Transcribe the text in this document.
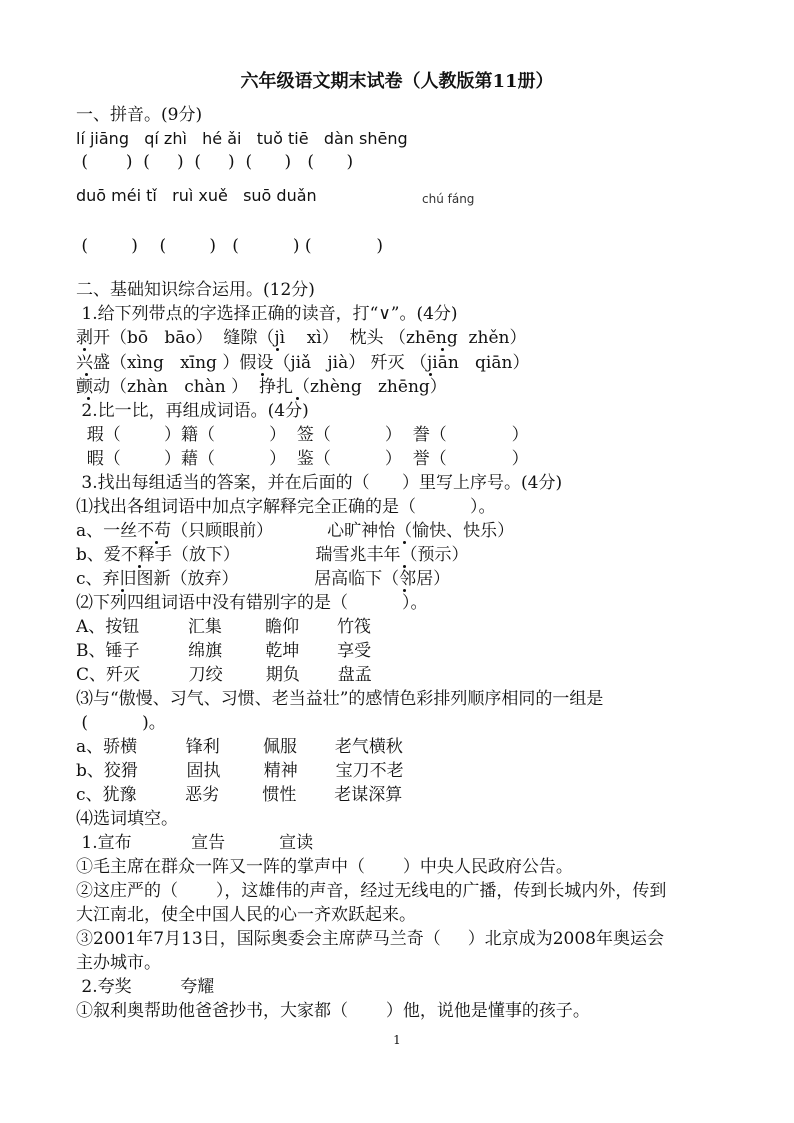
六年级语文期末试卷（人教版第11册）
一、拼音。(9分)
lí jiāng   qí zhì   hé ǎi   tuǒ tiē   dàn shēng
(       )  (     )  (     )  (      )   (      )
duō méi tǐ   ruì xuě   suō duǎn	chú fáng
(        )    (        )   (          ) (            )
二、基础知识综合运用。(12分)
1.给下列带点的字选择正确的读音，打“∨”。(4分)
剥开（bō   bāo）  缝隙（jì    xì）  枕头 （zhēng  zhěn）
兴盛（xìng   xīng ）假设（jiǎ   jià） 歼灭 （jiān   qiān）
颤动（zhàn   chàn ）  挣扎（zhèng   zhēng）
2.比一比，再组成词语。(4分)
瑕（        ）籍（          ）  签（          ）  誊（            ）
暇（        ）藉（          ）  鉴（          ）  誉（            ）
3.找出每组适当的答案，并在后面的（      ）里写上序号。(4分)
⑴找出各组词语中加点字解释完全正确的是（          ）。
a、一丝不苟（只顾眼前）          心旷神怡（愉快、快乐）
b、爱不释手（放下）              瑞雪兆丰年（预示）
c、弃旧图新（放弃）              居高临下（邻居）
⑵下列四组词语中没有错别字的是（          ）。
A、按钮         汇集        瞻仰       竹筏
B、锤子         绵旗        乾坤       享受
C、歼灭         刀绞        期负       盘孟
⑶与“傲慢、习气、习惯、老当益壮”的感情色彩排列顺序相同的一组是
(          )。
a、骄横         锋利        佩服       老气横秋
b、狡猾         固执        精神       宝刀不老
c、犹豫         恶劣        惯性       老谋深算
⑷选词填空。
1.宣布           宣告          宣读
①毛主席在群众一阵又一阵的掌声中（       ）中央人民政府公告。
②这庄严的（       ），这雄伟的声音，经过无线电的广播，传到长城内外，传到
大江南北，使全中国人民的心一齐欢跃起来。
③2001年7月13日，国际奥委会主席萨马兰奇（     ）北京成为2008年奥运会
主办城市。
2.夸奖         夸耀
①叙利奥帮助他爸爸抄书，大家都（       ）他，说他是懂事的孩子。
1
